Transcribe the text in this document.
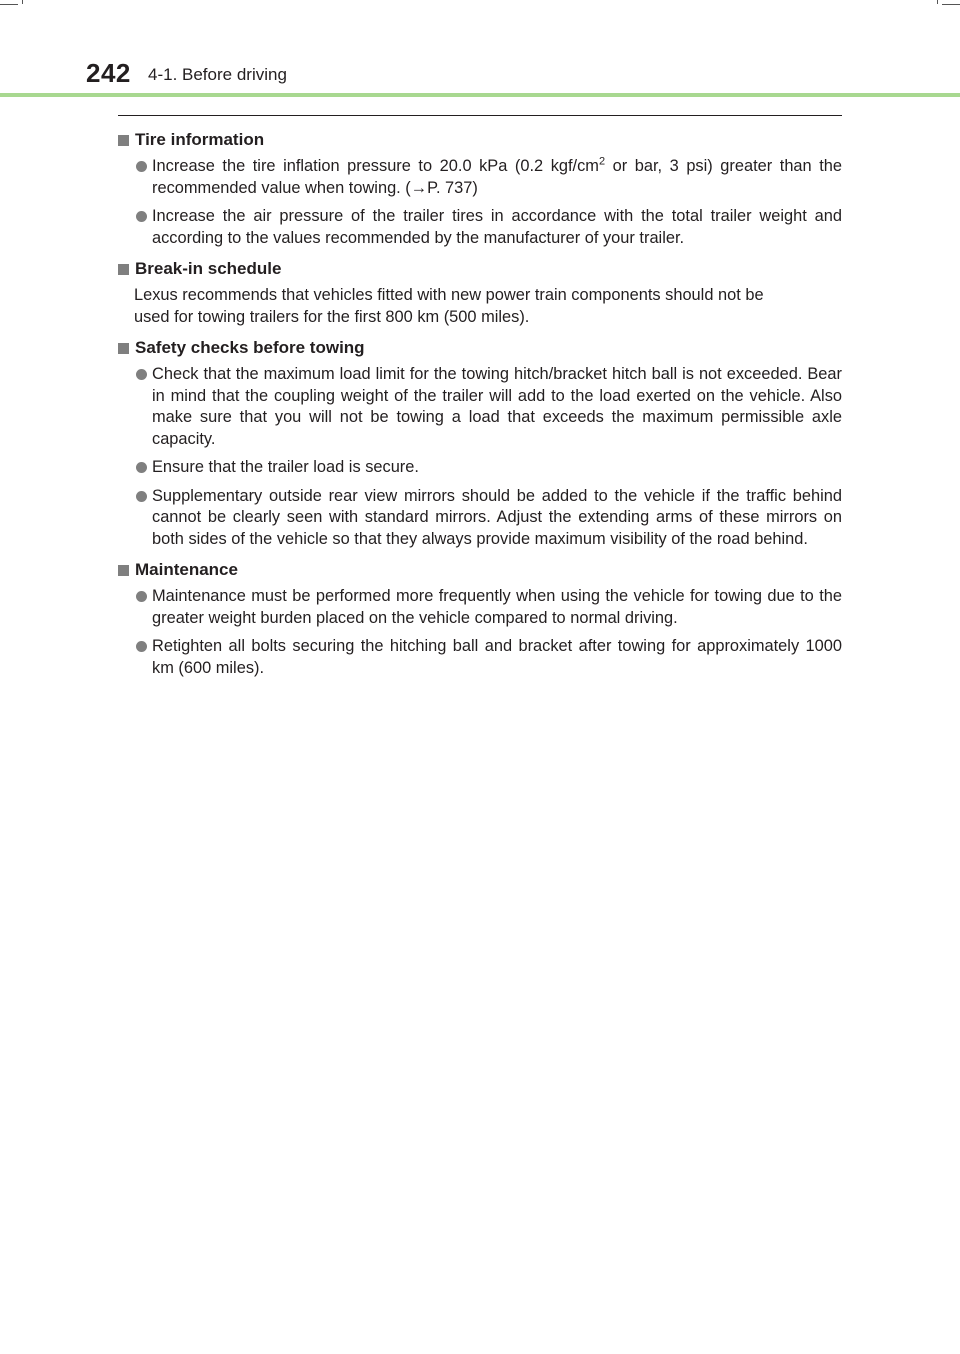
242 4-1. Before driving
Tire information
Increase the tire inflation pressure to 20.0 kPa (0.2 kgf/$cm^2$ or bar, 3 psi) greater than the recommended value when towing. (→P. 737)
Increase the air pressure of the trailer tires in accordance with the total trailer weight and according to the values recommended by the manufacturer of your trailer.
Break-in schedule
Lexus recommends that vehicles fitted with new power train components should not be
used for towing trailers for the first 800 km (500 miles).
Safety checks before towing
Check that the maximum load limit for the towing hitch/bracket hitch ball is not exceeded. Bear in mind that the coupling weight of the trailer will add to the load exerted on the vehicle. Also make sure that you will not be towing a load that exceeds the maximum permissible axle capacity.
Ensure that the trailer load is secure.
Supplementary outside rear view mirrors should be added to the vehicle if the traffic behind cannot be clearly seen with standard mirrors. Adjust the extending arms of these mirrors on both sides of the vehicle so that they always provide maximum visibility of the road behind.
Maintenance
Maintenance must be performed more frequently when using the vehicle for towing due to the greater weight burden placed on the vehicle compared to normal driving.
Retighten all bolts securing the hitching ball and bracket after towing for approximately 1000 km (600 miles).
